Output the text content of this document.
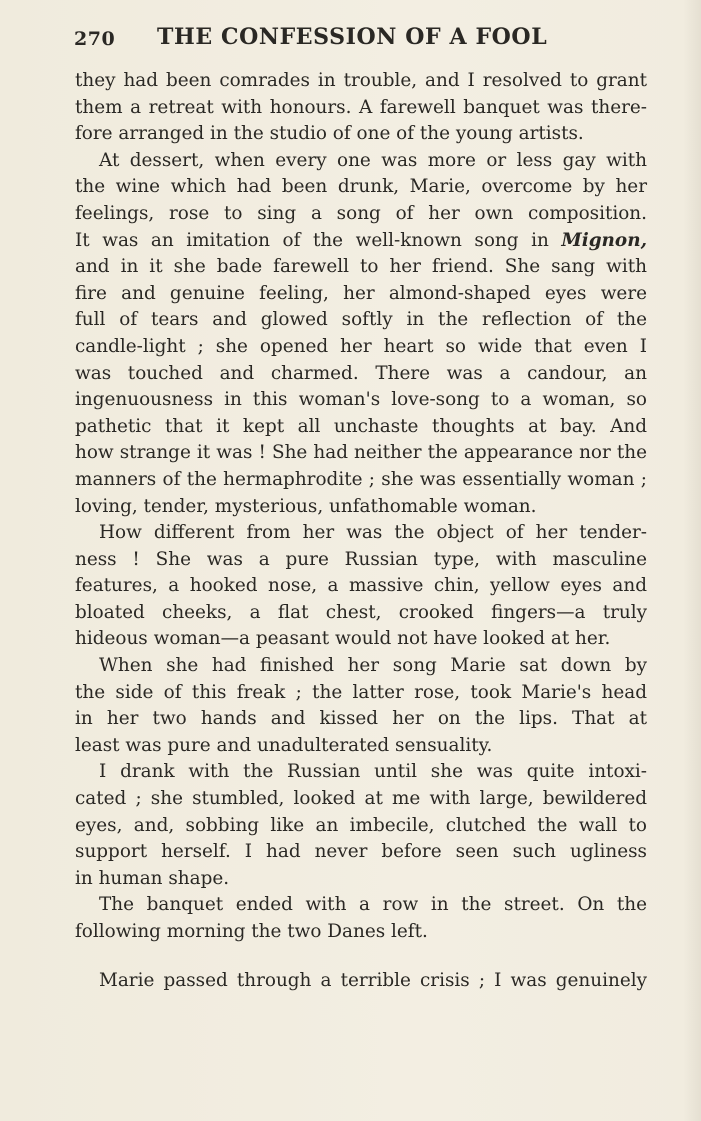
270 THE CONFESSION OF A FOOL
they had been comrades in trouble, and I resolved to grant
them a retreat with honours. A farewell banquet was there-
fore arranged in the studio of one of the young artists.
At dessert, when every one was more or less gay with
the wine which had been drunk, Marie, overcome by her
feelings, rose to sing a song of her own composition.
It was an imitation of the well-known song in Mignon,
and in it she bade farewell to her friend. She sang with
fire and genuine feeling, her almond-shaped eyes were
full of tears and glowed softly in the reflection of the
candle-light ; she opened her heart so wide that even I
was touched and charmed. There was a candour, an
ingenuousness in this woman's love-song to a woman, so
pathetic that it kept all unchaste thoughts at bay. And
how strange it was ! She had neither the appearance nor the
manners of the hermaphrodite ; she was essentially woman ;
loving, tender, mysterious, unfathomable woman.
How different from her was the object of her tender-
ness ! She was a pure Russian type, with masculine
features, a hooked nose, a massive chin, yellow eyes and
bloated cheeks, a flat chest, crooked fingers—a truly
hideous woman—a peasant would not have looked at her.
When she had finished her song Marie sat down by
the side of this freak ; the latter rose, took Marie's head
in her two hands and kissed her on the lips. That at
least was pure and unadulterated sensuality.
I drank with the Russian until she was quite intoxi-
cated ; she stumbled, looked at me with large, bewildered
eyes, and, sobbing like an imbecile, clutched the wall to
support herself. I had never before seen such ugliness
in human shape.
The banquet ended with a row in the street. On the
following morning the two Danes left.
Marie passed through a terrible crisis ; I was genuinely
